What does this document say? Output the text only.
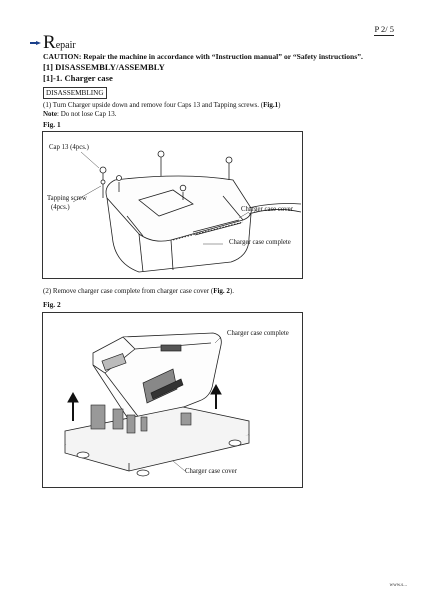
P 2/ 5
Repair
CAUTION: Repair the machine in accordance with “Instruction manual” or “Safety instructions”.
[1] DISASSEMBLY/ASSEMBLY
[1]-1. Charger case
DISASSEMBLING
(1) Turn Charger upside down and remove four Caps 13 and Tapping screws. (Fig.1)
Note: Do not lose Cap 13.
Fig. 1
Cap 13 (4pcs.)
Tapping screw
(4pcs.)	Charger case cover
Charger case complete
(2) Remove charger case complete from charger case cover (Fig. 2).
Fig. 2
Charger case complete
Charger case cover
www.s...
